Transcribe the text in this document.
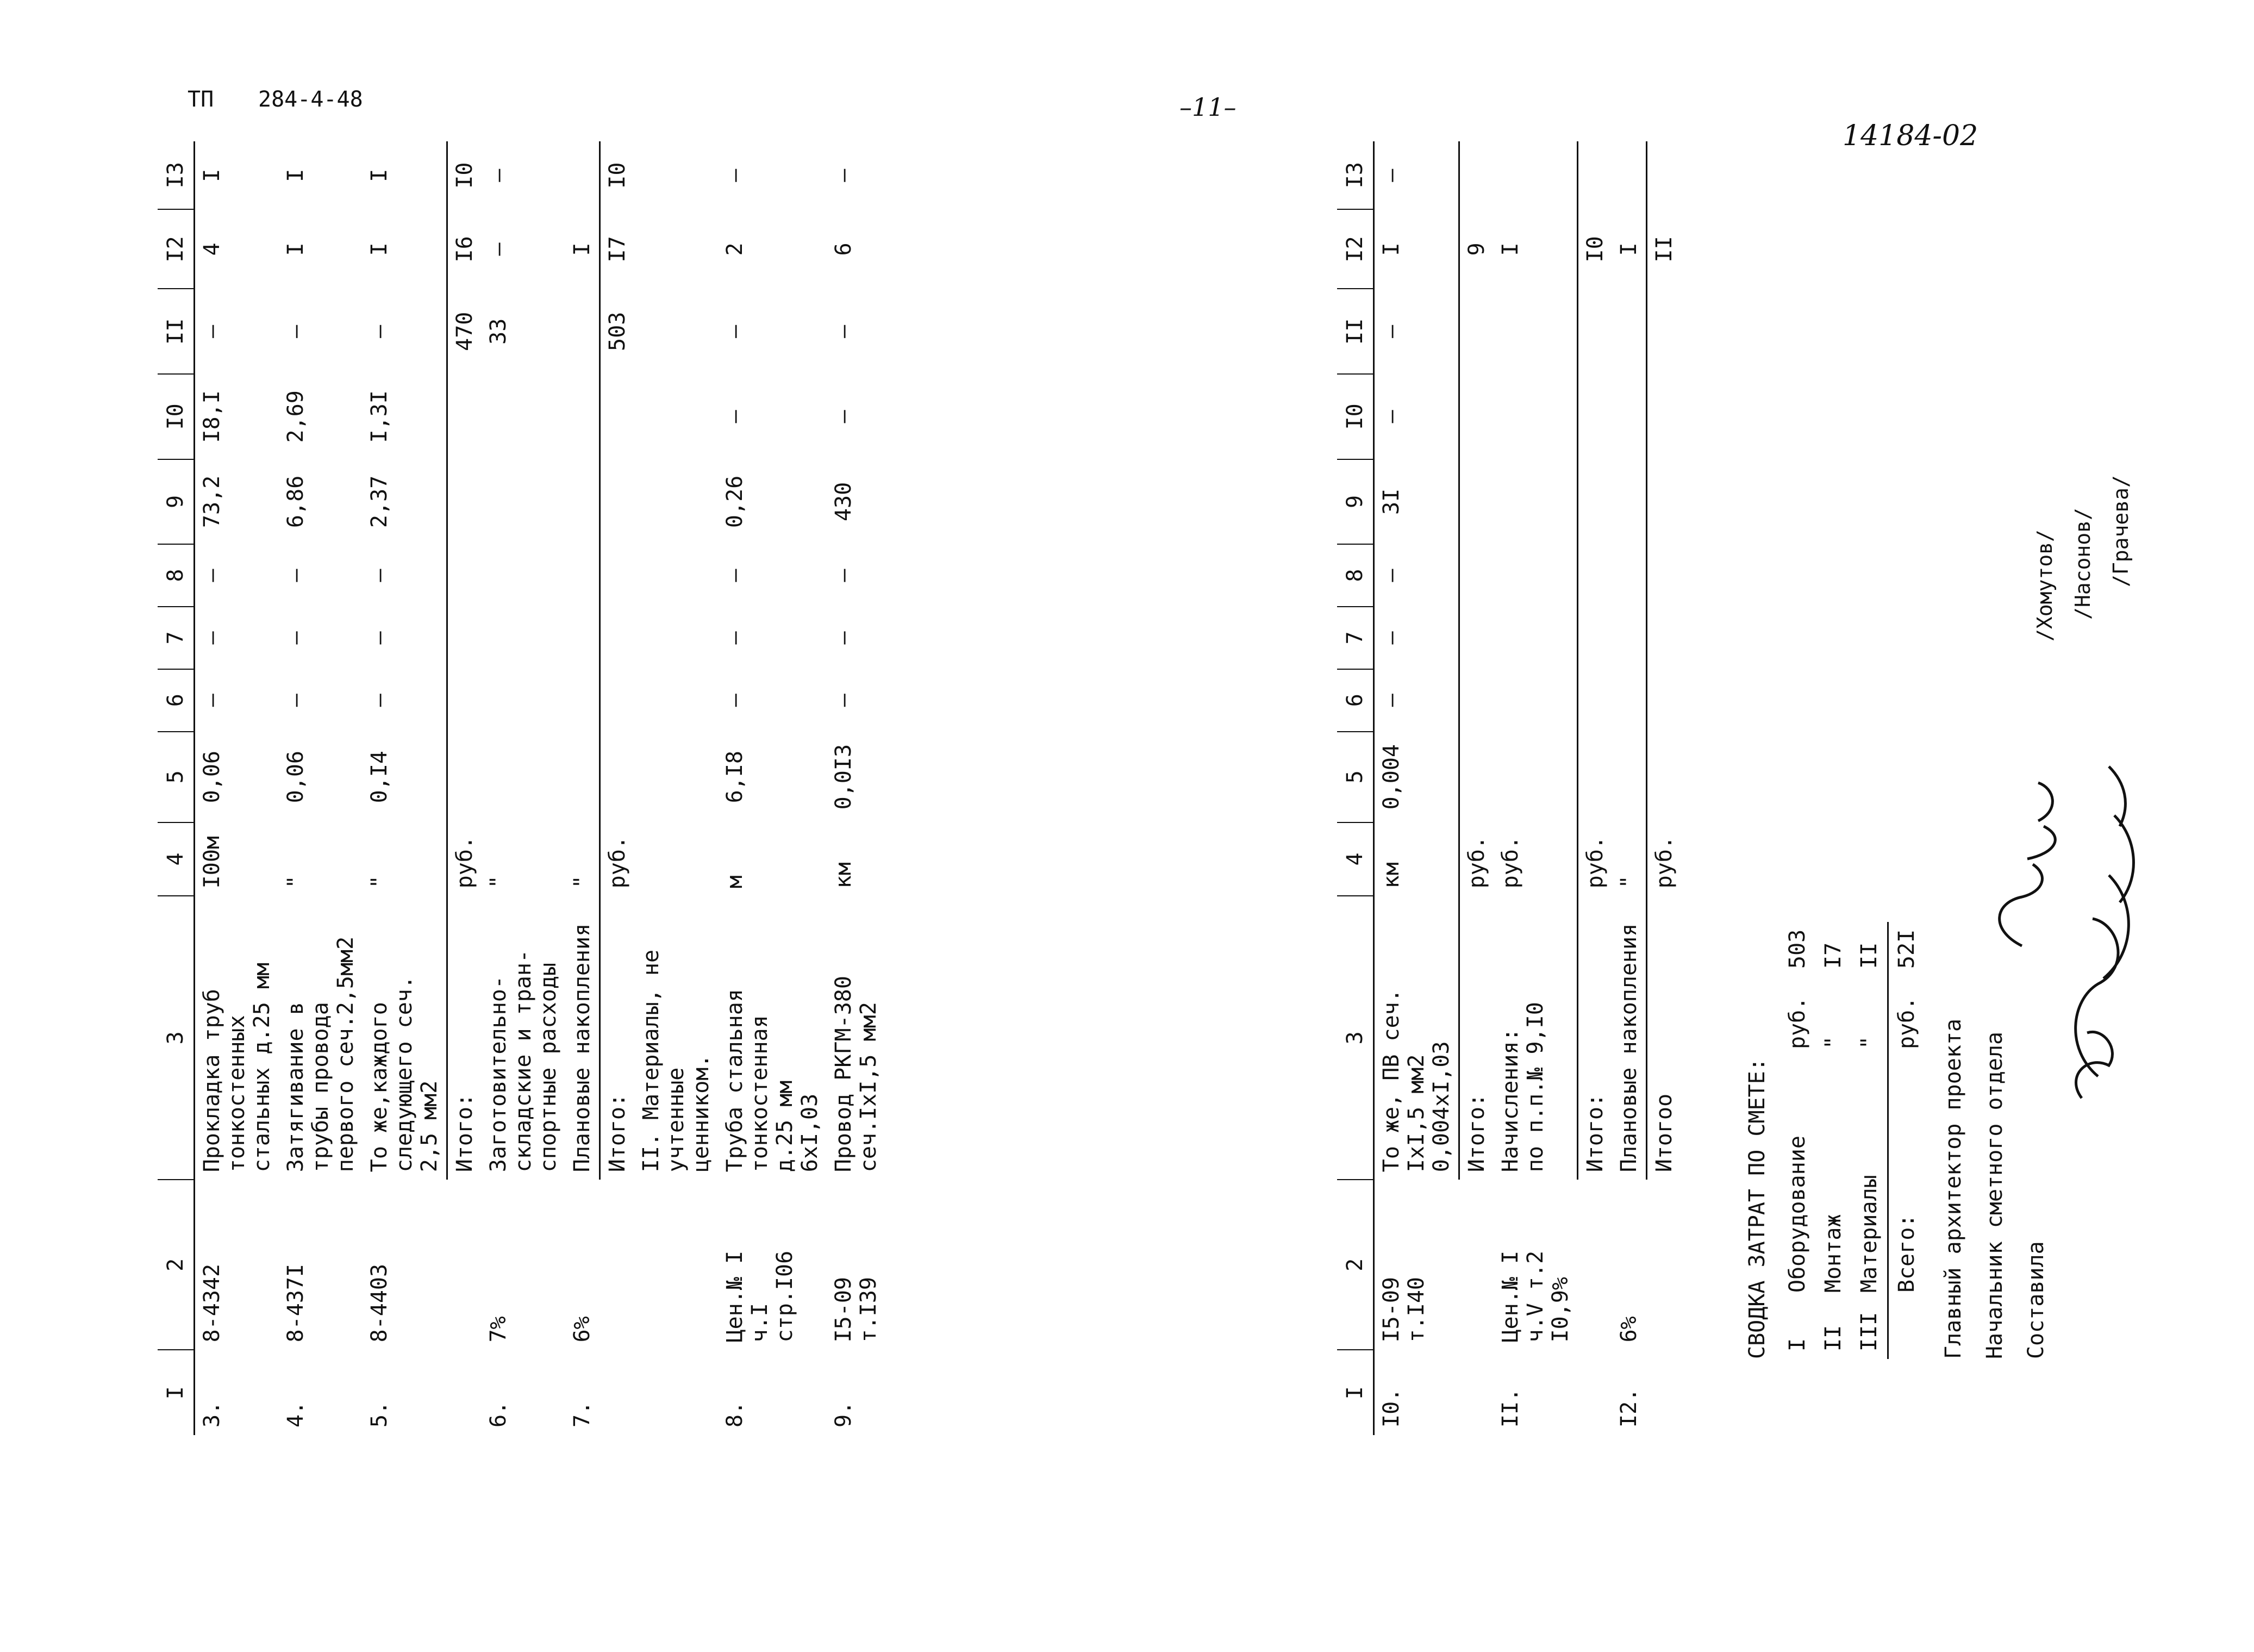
ТП 284-4-48	–11–
14184-02
I	2	3	4	5	6	7	8	9	I0	II	I2	I3
3.	8-4342	Прокладка труб
тонкостенных
стальных д.25 мм	I00м	0,06	–	–	–	73,2	I8,I	–	4	I
4.	8-437I	Затягивание в
трубы провода
первого сеч.2,5мм2	"	0,06	–	–	–	6,86	2,69	–	I	I
5.	8-4403	То же,каждого
следующего сеч.
2,5 мм2	"	0,I4	–	–	–	2,37	I,3I	–	I	I
		Итого:	руб.							470	I6	I0
6.	7%	Заготовительно-
складские и тран-
спортные расходы	"							33	–	–
7.	6%	Плановые накопления	"								I	
		Итого:	руб.							503	I7	I0
		II. Материалы, не учтенные
ценником.										
8.	Цен.№ I
ч.I
стр.I06	Труба стальная
тонкостенная
д.25 мм
6хI,03	м	6,I8	–	–	–	0,26	–	–	2	–
9.	I5-09
т.I39	Провод РКГМ-380
сеч.IхI,5 мм2	км	0,0I3	–	–	–	430	–	–	6	–
I	2	3	4	5	6	7	8	9	I0	II	I2	I3
I0.	I5-09
т.I40	То же, ПВ сеч.
IхI,5 мм2
0,004хI,03	км	0,004	–	–	–	3I	–	–	I	–
		Итого:	руб.								9	
II.	Цен.№ I
ч.V т.2
I0,9%	Начисления:
по п.п.№ 9,I0	руб.								I	
		Итого:	руб.								I0	
I2.	6%	Плановые накопления	"								I	
		Итогоо	руб.								II	
СВОДКА ЗАТРАТ ПО СМЕТЕ: I	Оборудование	руб.	503
II	Монтаж	"	I7
III	Материалы	"	II
	Всего:	руб.	52I
Главный архитектор проекта Начальник сметного отдела Составила
/Хомутов/ /Насонов/ /Грачева/
